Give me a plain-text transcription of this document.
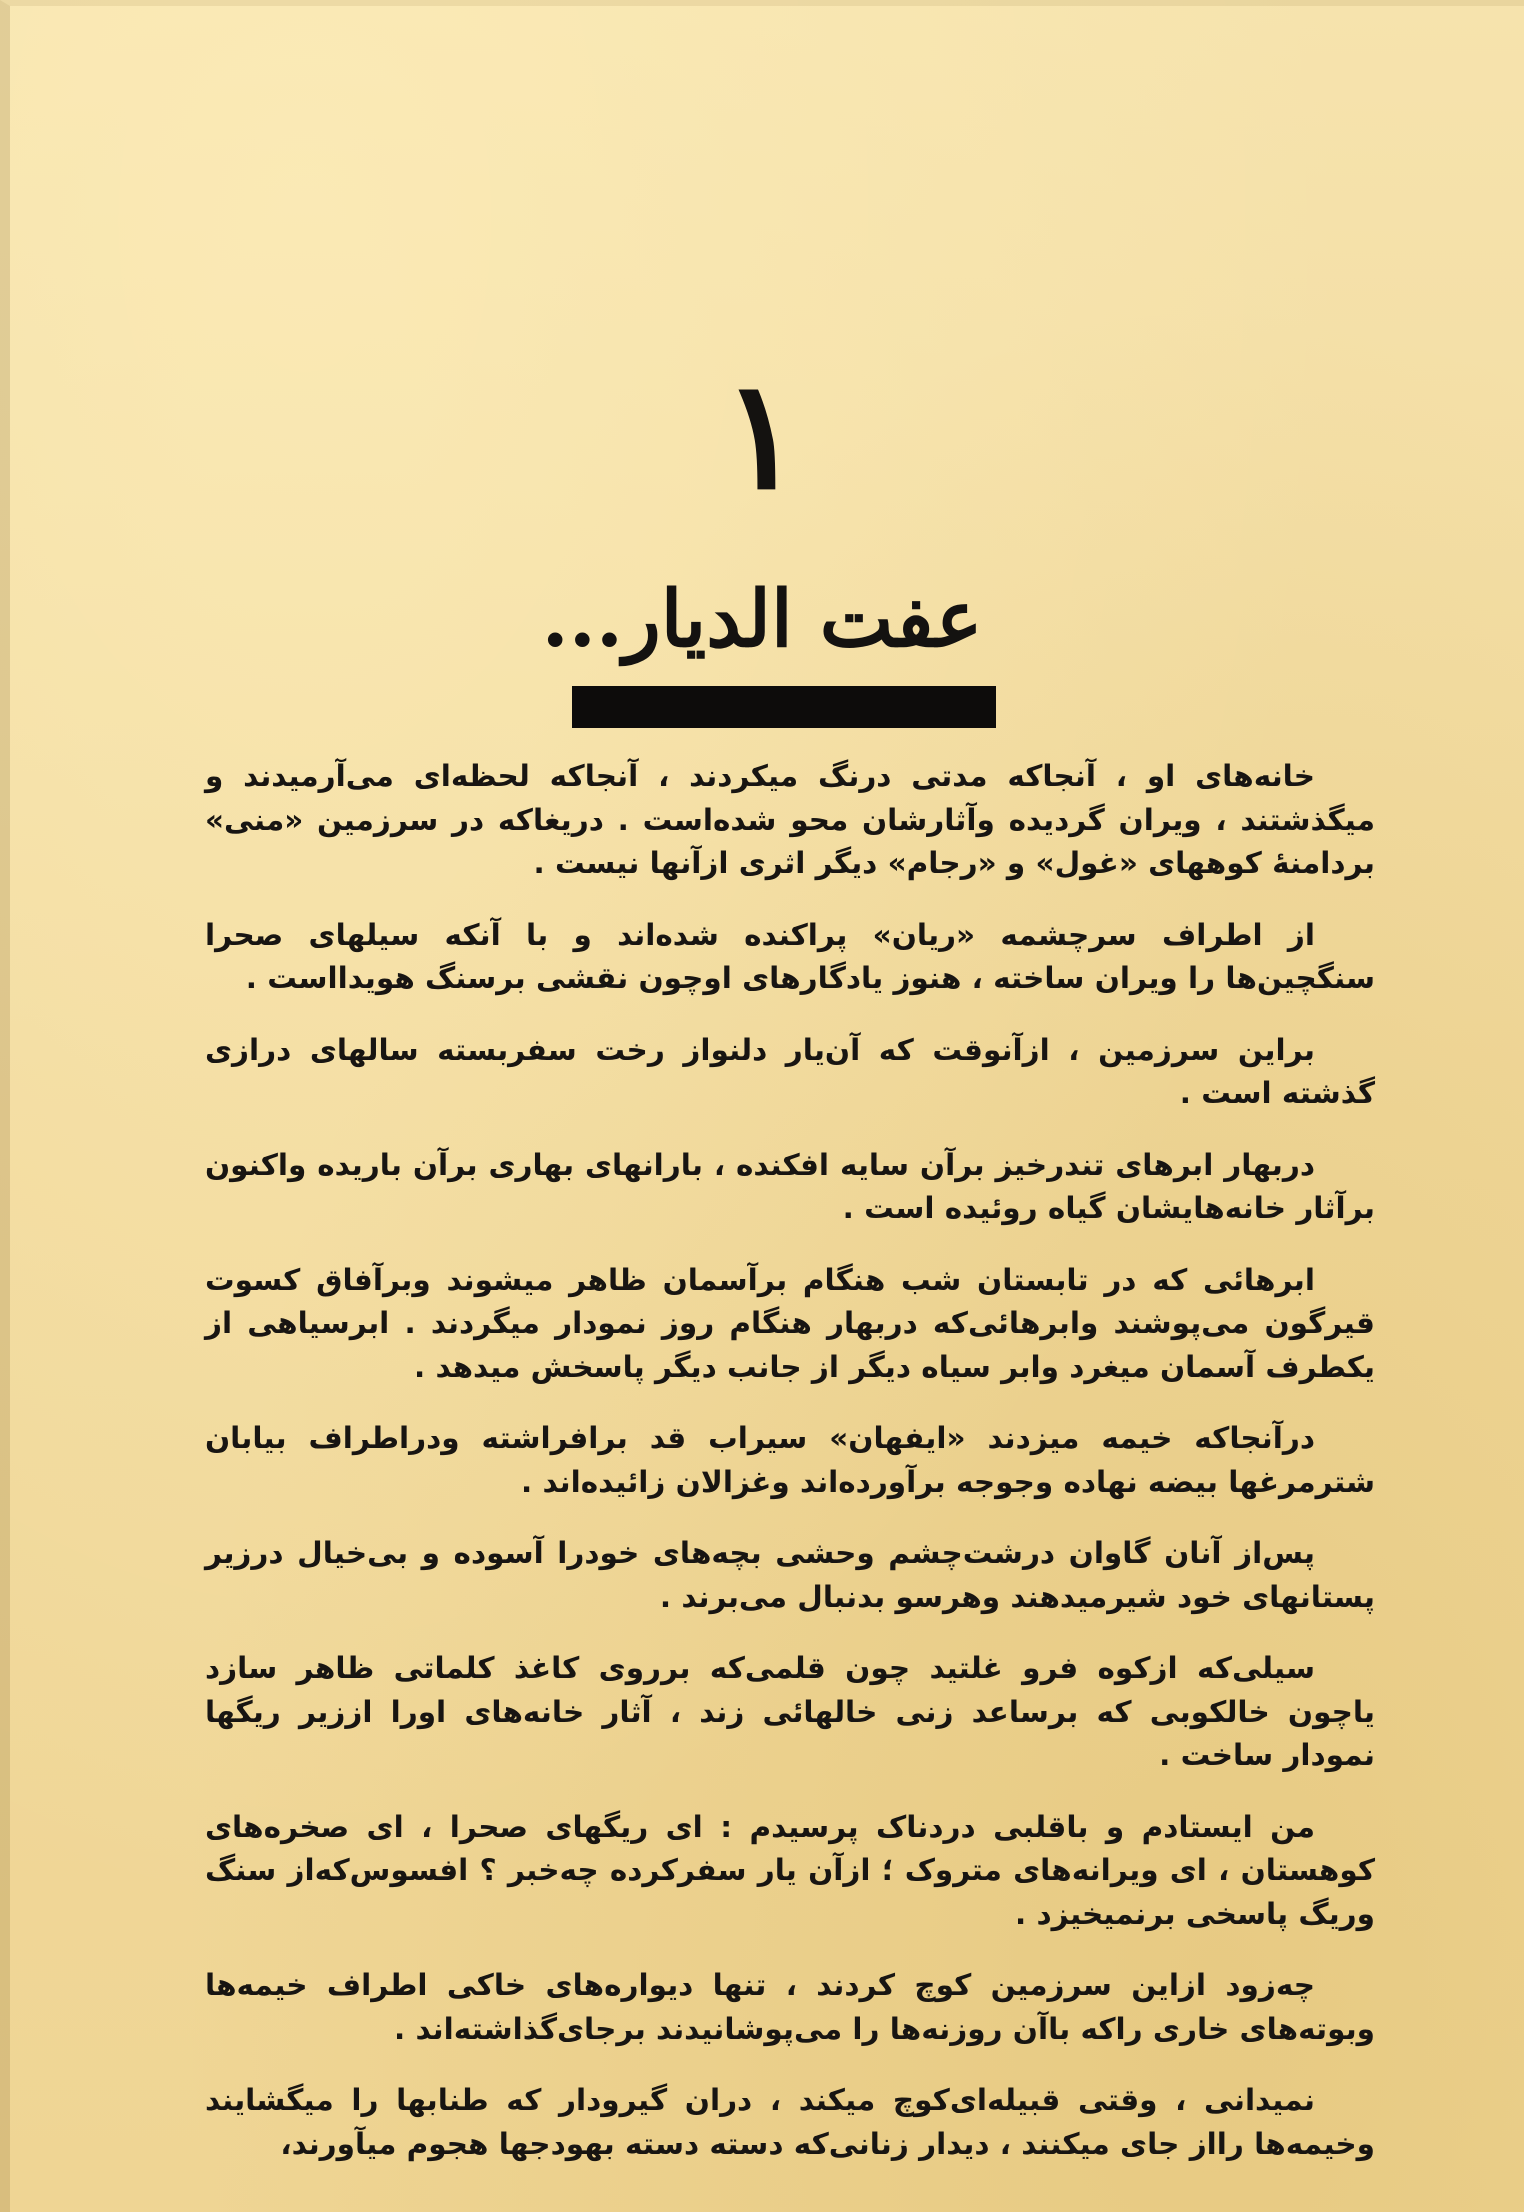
۱
عفت الدیار...

خانه‌های او ، آنجاکه مدتی درنگ میکردند ، آنجاکه لحظه‌ای می‌آرمیدند و میگذشتند ، ویران گردیده وآثارشان محو شده‌است . دریغاکه در سرزمین «منی» بردامنهٔ کوههای «غول» و «رجام» دیگر اثری ازآنها نیست .

از اطراف سرچشمه «ریان» پراکنده شده‌اند و با آنکه سیلهای صحرا سنگچین‌ها را ویران ساخته ، هنوز یادگارهای اوچون نقشی برسنگ هویدااست .

براین سرزمین ، ازآنوقت که آن‌یار دلنواز رخت سفربسته سالهای درازی گذشته است .

دربهار ابرهای تندرخیز برآن سایه افکنده ، بارانهای بهاری برآن باریده واکنون برآثار خانه‌هایشان گیاه روئیده است .

ابرهائی که در تابستان شب هنگام برآسمان ظاهر میشوند وبرآفاق کسوت قیرگون می‌پوشند وابرهائی‌که دربهار هنگام روز نمودار میگردند . ابرسیاهی از یکطرف آسمان میغرد وابر سیاه دیگر از جانب دیگر پاسخش میدهد .

درآنجاکه خیمه میزدند «ایفهان» سیراب قد برافراشته ودراطراف بیابان شترمرغها بیضه نهاده وجوجه برآورده‌اند وغزالان زائیده‌اند .

پس‌از آنان گاوان درشت‌چشم وحشی بچه‌های خودرا آسوده و بی‌خیال درزیر پستانهای خود شیرمیدهند وهرسو بدنبال می‌برند .

سیلی‌که ازکوه فرو غلتید چون قلمی‌که برروی کاغذ کلماتی ظاهر سازد یاچون خالکوبی که برساعد زنی خالهائی زند ، آثار خانه‌های اورا اززیر ریگها نمودار ساخت .

من ایستادم و باقلبی دردناک پرسیدم : ای ریگهای صحرا ، ای صخره‌های کوهستان ، ای ویرانه‌های متروک ؛ ازآن یار سفرکرده چه‌خبر ؟ افسوس‌که‌از سنگ وریگ پاسخی برنمیخیزد .

چه‌زود ازاین سرزمین کوچ کردند ، تنها دیواره‌های خاکی اطراف خیمه‌ها وبوته‌های خاری راکه باآن روزنه‌ها را می‌پوشانیدند برجای‌گذاشته‌اند .

نمیدانی ، وقتی قبیله‌ای‌کوچ میکند ، دران گیرودار که طنابها را میگشایند وخیمه‌ها رااز جای میکنند ، دیدار زنانی‌که دسته دسته بهودجها هجوم میآورند،
